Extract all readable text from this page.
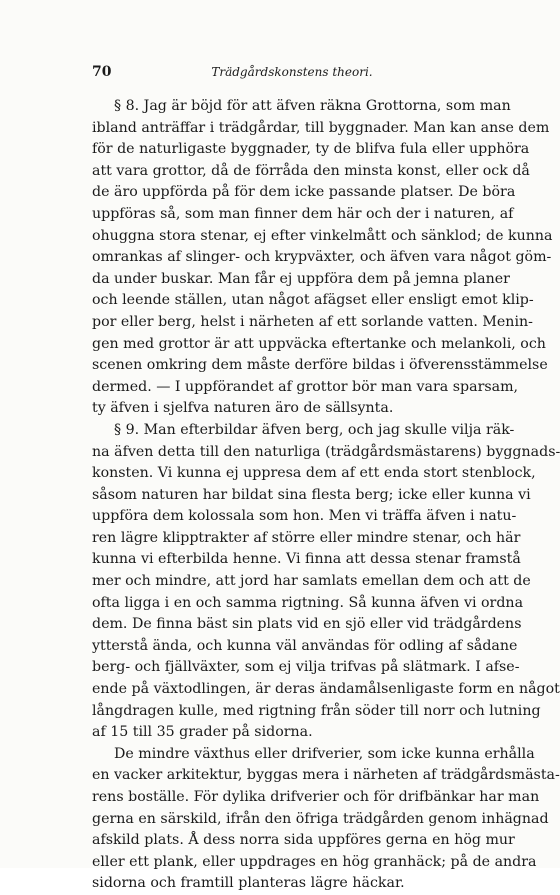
70	Trädgårdskonstens theori.
§ 8. Jag är böjd för att äfven räkna Grottorna, som man
ibland anträffar i trädgårdar, till byggnader. Man kan anse dem
för de naturligaste byggnader, ty de blifva fula eller upphöra
att vara grottor, då de förråda den minsta konst, eller ock då
de äro uppförda på för dem icke passande platser. De böra
uppföras så, som man finner dem här och der i naturen, af
ohuggna stora stenar, ej efter vinkelmått och sänklod; de kunna
omrankas af slinger- och krypväxter, och äfven vara något göm-
da under buskar. Man får ej uppföra dem på jemna planer
och leende ställen, utan något afägset eller ensligt emot klip-
por eller berg, helst i närheten af ett sorlande vatten. Menin-
gen med grottor är att uppväcka eftertanke och melankoli, och
scenen omkring dem måste derföre bildas i öfverensstämmelse
dermed. — I uppförandet af grottor bör man vara sparsam,
ty äfven i sjelfva naturen äro de sällsynta.
§ 9. Man efterbildar äfven berg, och jag skulle vilja räk-
na äfven detta till den naturliga (trädgårdsmästarens) byggnads-
konsten. Vi kunna ej uppresa dem af ett enda stort stenblock,
såsom naturen har bildat sina flesta berg; icke eller kunna vi
uppföra dem kolossala som hon. Men vi träffa äfven i natu-
ren lägre klipptrakter af större eller mindre stenar, och här
kunna vi efterbilda henne. Vi finna att dessa stenar framstå
mer och mindre, att jord har samlats emellan dem och att de
ofta ligga i en och samma rigtning. Så kunna äfven vi ordna
dem. De finna bäst sin plats vid en sjö eller vid trädgårdens
ytterstå ända, och kunna väl användas för odling af sådane
berg- och fjällväxter, som ej vilja trifvas på slätmark. I afse-
ende på växtodlingen, är deras ändamålsenligaste form en något
långdragen kulle, med rigtning från söder till norr och lutning
af 15 till 35 grader på sidorna.
De mindre växthus eller drifverier, som icke kunna erhålla
en vacker arkitektur, byggas mera i närheten af trädgårdsmästa-
rens boställe. För dylika drifverier och för drifbänkar har man
gerna en särskild, ifrån den öfriga trädgården genom inhägnad
afskild plats. Å dess norra sida uppföres gerna en hög mur
eller ett plank, eller uppdrages en hög granhäck; på de andra
sidorna och framtill planteras lägre häckar.
